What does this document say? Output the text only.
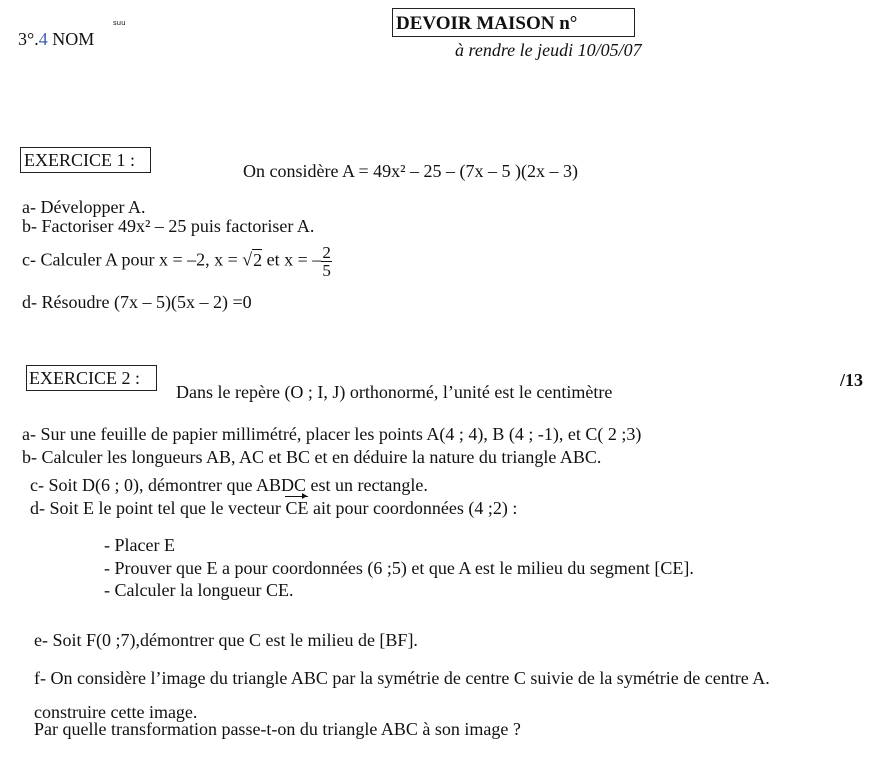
3°.4 NOM
suu	DEVOIR MAISON n°
à rendre le jeudi 10/05/07
EXERCICE 1 :
On considère A = 49x² – 25 – (7x – 5 )(2x – 3)
a- Développer A.
b- Factoriser 49x² – 25 puis factoriser A.
c- Calculer A pour x = –2, x = √2 et x = – $\frac{2}{5}$
d- Résoudre (7x – 5)(5x – 2) =0
EXERCICE 2 :
Dans le repère (O ; I, J) orthonormé, l’unité est le centimètre
/13
a- Sur une feuille de papier millimétré, placer les points A(4 ; 4), B (4 ; -1), et C( 2 ;3)
b- Calculer les longueurs AB, AC et BC et en déduire la nature du triangle ABC.
c- Soit D(6 ; 0), démontrer que ABDC est un rectangle.
d- Soit E le point tel que le vecteur CE ait pour coordonnées (4 ;2) :
- Placer E
- Prouver que E a pour coordonnées (6 ;5) et que A est le milieu du segment [CE].
- Calculer la longueur CE.
e- Soit F(0 ;7),démontrer que C est le milieu de [BF].
f- On considère l’image du triangle ABC par la symétrie de centre C suivie de la symétrie de centre A.
construire cette image.
Par quelle transformation passe-t-on du triangle ABC à son image ?
